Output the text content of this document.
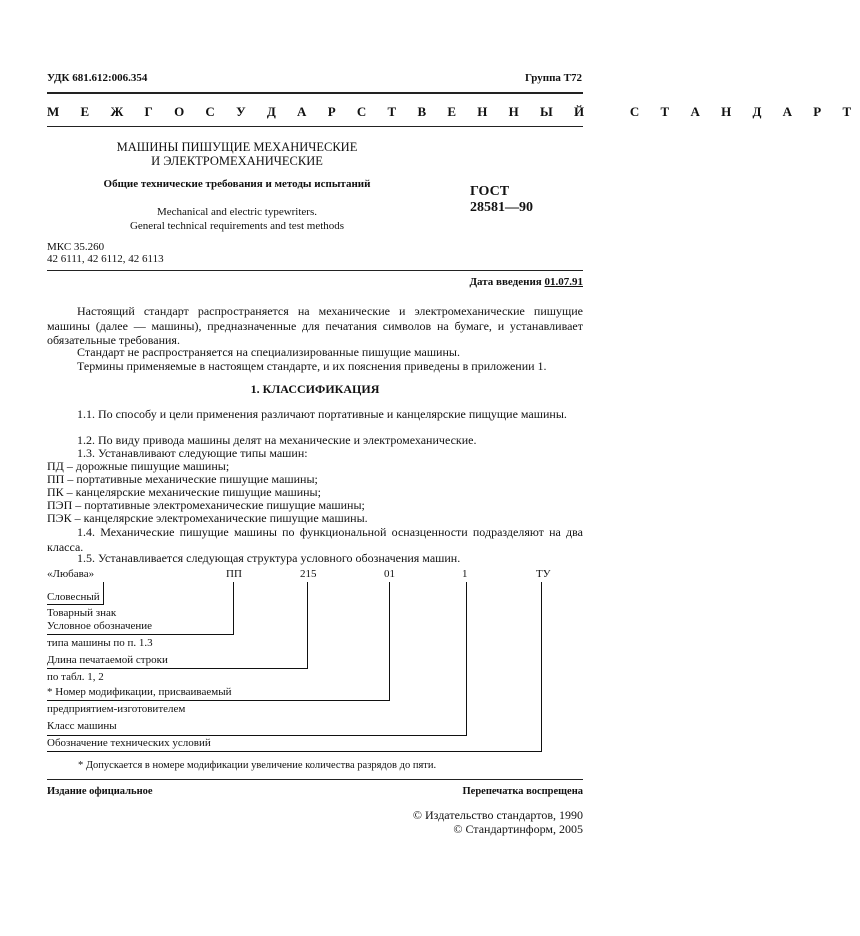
УДК 681.612:006.354	Группа Т72
М Е Ж Г О С У Д А Р С Т В Е Н Н Ы Й   С Т А Н Д А Р Т
МАШИНЫ ПИШУЩИЕ МЕХАНИЧЕСКИЕ
И ЭЛЕКТРОМЕХАНИЧЕСКИЕ
Общие технические требования и методы испытаний
Mechanical and electric typewriters.
General technical requirements and test methods
ГОСТ
28581—90
МКС 35.260
42 6111, 42 6112, 42 6113
Дата введения 01.07.91
Настоящий стандарт распространяется на механические и электромеханические пишущие машины (далее — машины), предназначенные для печатания символов на бумаге, и устанавливает обязательные требования.
Стандарт не распространяется на специализированные пишущие машины.
Термины применяемые в настоящем стандарте, и их пояснения приведены в приложении 1.
1. КЛАССИФИКАЦИЯ
1.1. По способу и цели применения различают портативные и канцелярские пищущие машины.
1.2. По виду привода машины делят на механические и электромеханические.
1.3. Устанавливают следующие типы машин:
ПД – дорожные пишущие машины;
ПП – портативные механические пишущие машины;
ПК – канцелярские механические пишущие машины;
ПЭП – портативные электромеханические пишущие машины;
ПЭК – канцелярские электромеханические пишущие машины.
1.4. Механические пишущие машины по функциональной осназценности подразделяют на два класса.
1.5. Устанавливается следующая структура условного обозначения машин.
«Любава»	ПП	215	01	1	ТУ
Словесный
Товарный знак
Условное обозначение
типа машины по п. 1.3
Длина печатаемой строки
по табл. 1, 2
* Номер модификации, присваиваемый
предприятием-изготовителем
Класс машины
Обозначение технических условий
* Допускается в номере модификации увеличение количества разрядов до пяти.
Издание официальное	Перепечатка воспрещена
© Издательство стандартов, 1990
© Стандартинформ, 2005
